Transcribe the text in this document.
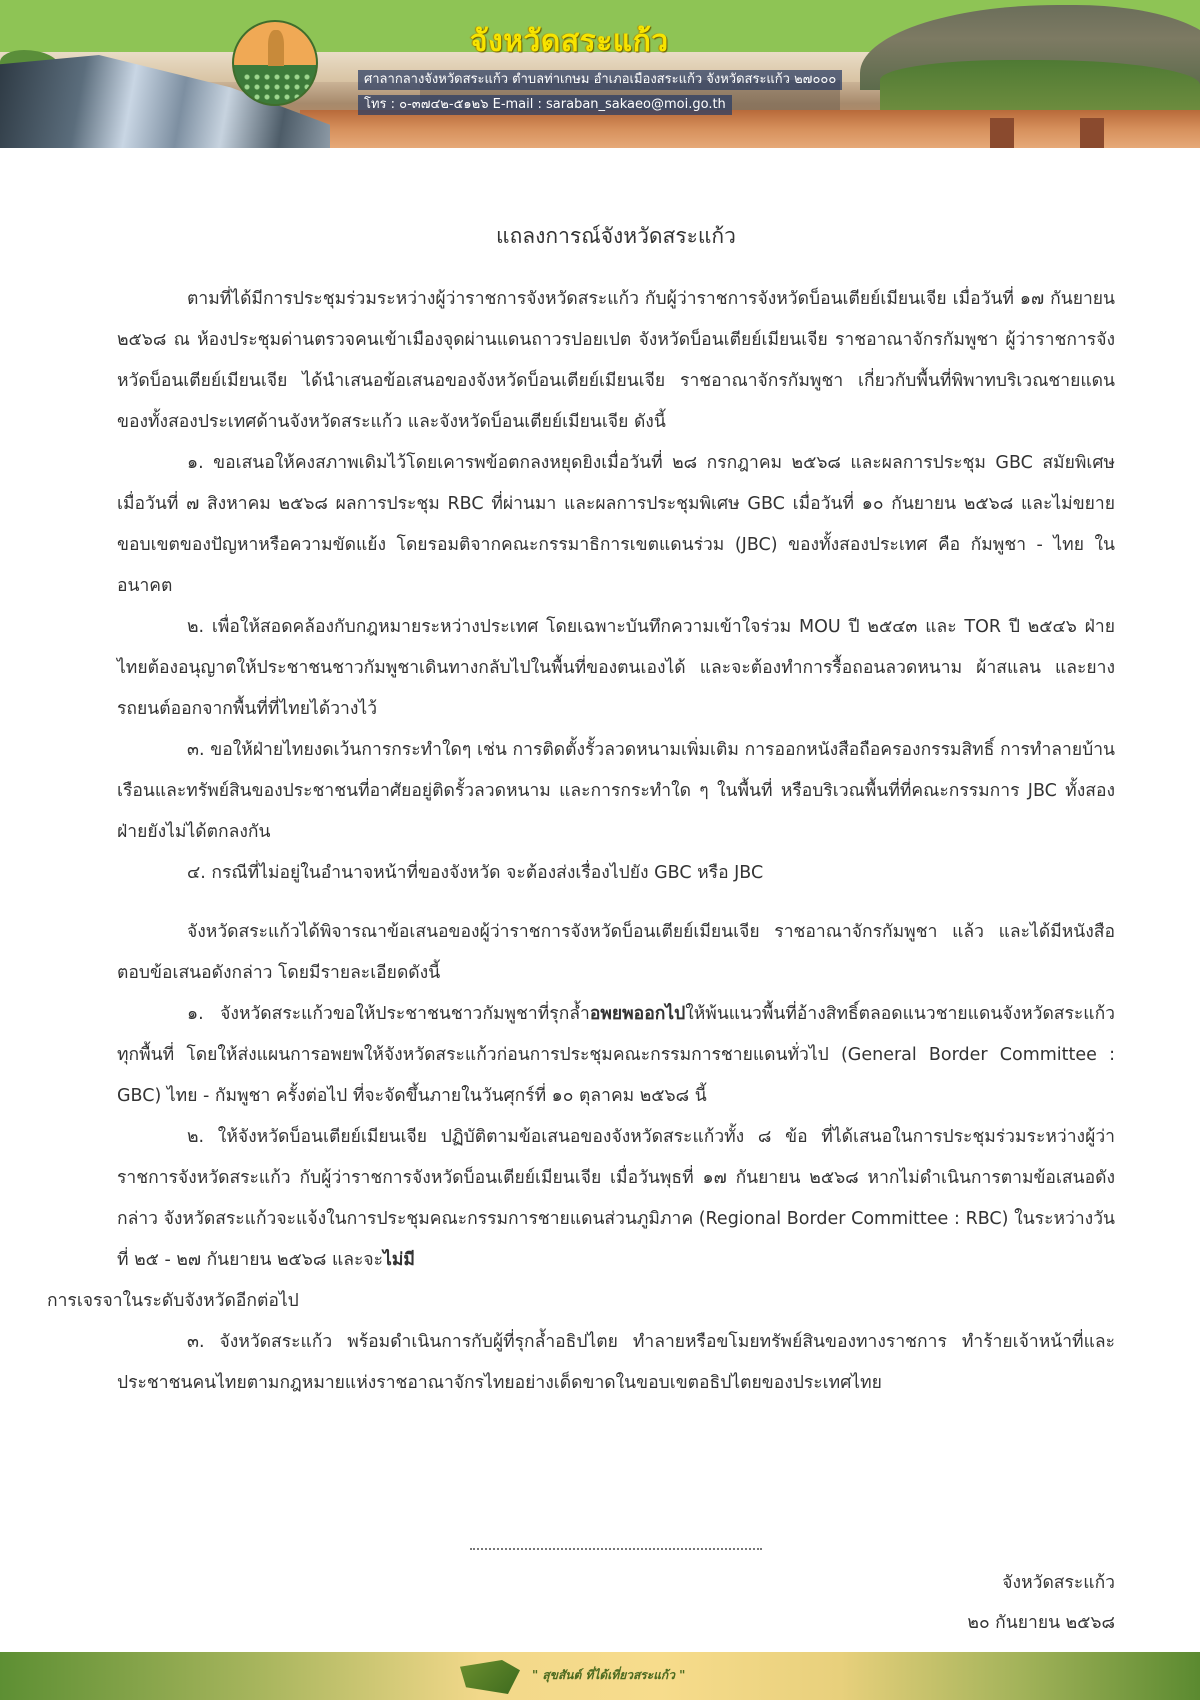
จังหวัดสระแก้ว
ศาลากลางจังหวัดสระแก้ว ตำบลท่าเกษม อำเภอเมืองสระแก้ว จังหวัดสระแก้ว ๒๗๐๐๐
โทร : ๐-๓๗๔๒-๕๑๒๖ E-mail : saraban_sakaeo@moi.go.th
แถลงการณ์จังหวัดสระแก้ว

ตามที่ได้มีการประชุมร่วมระหว่างผู้ว่าราชการจังหวัดสระแก้ว กับผู้ว่าราชการจังหวัดบ็อนเตียย์เมียนเจีย เมื่อวันที่ ๑๗ กันยายน ๒๕๖๘ ณ ห้องประชุมด่านตรวจคนเข้าเมืองจุดผ่านแดนถาวรปอยเปต จังหวัดบ็อนเตียย์เมียนเจีย ราชอาณาจักรกัมพูชา ผู้ว่าราชการจังหวัดบ็อนเตียย์เมียนเจีย ได้นำเสนอข้อเสนอของจังหวัดบ็อนเตียย์เมียนเจีย ราชอาณาจักรกัมพูชา เกี่ยวกับพื้นที่พิพาทบริเวณชายแดนของทั้งสองประเทศด้านจังหวัดสระแก้ว และจังหวัดบ็อนเตียย์เมียนเจีย ดังนี้

๑. ขอเสนอให้คงสภาพเดิมไว้โดยเคารพข้อตกลงหยุดยิงเมื่อวันที่ ๒๘ กรกฎาคม ๒๕๖๘ และผลการประชุม GBC สมัยพิเศษ เมื่อวันที่ ๗ สิงหาคม ๒๕๖๘ ผลการประชุม RBC ที่ผ่านมา และผลการประชุมพิเศษ GBC เมื่อวันที่ ๑๐ กันยายน ๒๕๖๘ และไม่ขยายขอบเขตของปัญหาหรือความขัดแย้ง โดยรอมติจากคณะกรรมาธิการเขตแดนร่วม (JBC) ของทั้งสองประเทศ คือ กัมพูชา - ไทย ในอนาคต

๒. เพื่อให้สอดคล้องกับกฎหมายระหว่างประเทศ โดยเฉพาะบันทึกความเข้าใจร่วม MOU ปี ๒๕๔๓ และ TOR ปี ๒๕๔๖ ฝ่ายไทยต้องอนุญาตให้ประชาชนชาวกัมพูชาเดินทางกลับไปในพื้นที่ของตนเองได้ และจะต้องทำการรื้อถอนลวดหนาม ผ้าสแลน และยางรถยนต์ออกจากพื้นที่ที่ไทยได้วางไว้

๓. ขอให้ฝ่ายไทยงดเว้นการกระทำใดๆ เช่น การติดตั้งรั้วลวดหนามเพิ่มเติม การออกหนังสือถือครองกรรมสิทธิ์ การทำลายบ้านเรือนและทรัพย์สินของประชาชนที่อาศัยอยู่ติดรั้วลวดหนาม และการกระทำใด ๆ ในพื้นที่ หรือบริเวณพื้นที่ที่คณะกรรมการ JBC ทั้งสองฝ่ายยังไม่ได้ตกลงกัน

๔. กรณีที่ไม่อยู่ในอำนาจหน้าที่ของจังหวัด จะต้องส่งเรื่องไปยัง GBC หรือ JBC

จังหวัดสระแก้วได้พิจารณาข้อเสนอของผู้ว่าราชการจังหวัดบ็อนเตียย์เมียนเจีย ราชอาณาจักรกัมพูชา แล้ว และได้มีหนังสือตอบข้อเสนอดังกล่าว โดยมีรายละเอียดดังนี้

๑. จังหวัดสระแก้วขอให้ประชาชนชาวกัมพูชาที่รุกล้ำอพยพออกไปให้พ้นแนวพื้นที่อ้างสิทธิ์ตลอดแนวชายแดนจังหวัดสระแก้วทุกพื้นที่ โดยให้ส่งแผนการอพยพให้จังหวัดสระแก้วก่อนการประชุมคณะกรรมการชายแดนทั่วไป (General Border Committee : GBC) ไทย - กัมพูชา ครั้งต่อไป ที่จะจัดขึ้นภายในวันศุกร์ที่ ๑๐ ตุลาคม ๒๕๖๘ นี้

๒. ให้จังหวัดบ็อนเตียย์เมียนเจีย ปฏิบัติตามข้อเสนอของจังหวัดสระแก้วทั้ง ๘ ข้อ ที่ได้เสนอในการประชุมร่วมระหว่างผู้ว่าราชการจังหวัดสระแก้ว กับผู้ว่าราชการจังหวัดบ็อนเตียย์เมียนเจีย เมื่อวันพุธที่ ๑๗ กันยายน ๒๕๖๘ หากไม่ดำเนินการตามข้อเสนอดังกล่าว จังหวัดสระแก้วจะแจ้งในการประชุมคณะกรรมการชายแดนส่วนภูมิภาค (Regional Border Committee : RBC) ในระหว่างวันที่ ๒๕ - ๒๗ กันยายน ๒๕๖๘ และจะไม่มี
การเจรจาในระดับจังหวัดอีกต่อไป

๓. จังหวัดสระแก้ว พร้อมดำเนินการกับผู้ที่รุกล้ำอธิปไตย ทำลายหรือขโมยทรัพย์สินของทางราชการ ทำร้ายเจ้าหน้าที่และประชาชนคนไทยตามกฎหมายแห่งราชอาณาจักรไทยอย่างเด็ดขาดในขอบเขตอธิปไตยของประเทศไทย

จังหวัดสระแก้ว
๒๐ กันยายน ๒๕๖๘
" สุขสันต์ ที่ได้เที่ยวสระแก้ว "
